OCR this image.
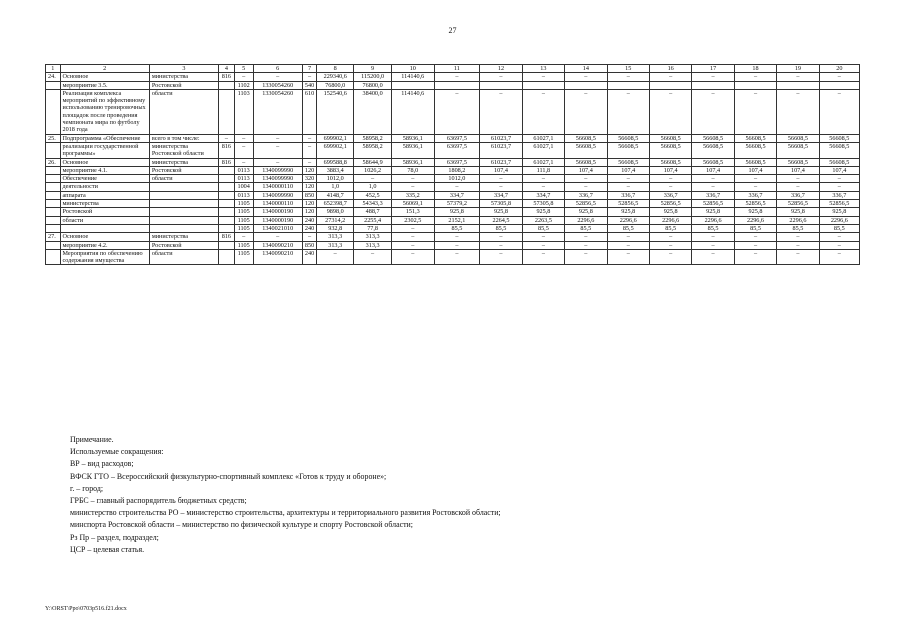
27
1	2	3	4	5	6	7	8	9	10	11	12	13	14	15	16	17	18	19	20
24.	Основное	министерства	816	–	–	–	229340,6	115200,0	114140,6	–	–	–	–	–	–	–	–	–	–
	мероприятие 3.5.	Ростовской		1102	1330054260	540	76800,0	76800,0											
	Реализация комплекса мероприятий по эффективному использованию тренировочных площадок после проведения чемпионата мира по футболу 2018 года	области		1103	1330054260	610	152540,6	38400,0	114140,6	–	–	–	–	–	–	–	–	–	–
25.	Подпрограмма «Обеспечение	всего в том числе:	–	–	–	–	699902,1	58958,2	58936,1	63697,5	61023,7	61027,1	56608,5	56608,5	56608,5	56608,5	56608,5	56608,5	56608,5
	реализации государственной программы»	министерства Ростовской области	816	–	–	–	699902,1	58958,2	58936,1	63697,5	61023,7	61027,1	56608,5	56608,5	56608,5	56608,5	56608,5	56608,5	56608,5
26.	Основное	министерства	816	–	–	–	699588,8	58644,9	58936,1	63697,5	61023,7	61027,1	56608,5	56608,5	56608,5	56608,5	56608,5	56608,5	56608,5
	мероприятие 4.1.	Ростовской		0113	1340099990	120	3883,4	1026,2	78,0	1808,2	107,4	111,8	107,4	107,4	107,4	107,4	107,4	107,4	107,4
	Обеспечение	области		0113	1340099990	320	1012,0	–	–	1012,0	–	–	–	–	–	–	–	–	–
	деятельности			1004	1340000110	120	1,0	1,0	–	–	–	–	–	–	–	–	–	–	–
	аппарата			0113	1340099990	850	4148,7	452,5	335,2	334,7	334,7	334,7	336,7	336,7	336,7	336,7	336,7	336,7	336,7
	министерства			1105	1340000110	120	652398,7	54343,3	56069,1	57379,2	57305,8	57305,8	52856,5	52856,5	52856,5	52856,5	52856,5	52856,5	52856,5
	Ростовской			1105	1340000190	120	9898,0	488,7	151,3	925,8	925,8	925,8	925,8	925,8	925,8	925,8	925,8	925,8	925,8
	области			1105	1340000190	240	27314,2	2255,4	2302,5	2152,1	2264,5	2263,5	2296,6	2296,6	2296,6	2296,6	2296,6	2296,6	2296,6
				1105	1340021010	240	932,8	77,8	–	85,5	85,5	85,5	85,5	85,5	85,5	85,5	85,5	85,5	85,5
27.	Основное	министерства	816	–	–	–	313,3	313,3	–	–	–	–	–	–	–	–	–	–	–
	мероприятие 4.2.	Ростовской		1105	1340090210	850	313,3	313,3	–	–	–	–	–	–	–	–	–	–	–
	Мероприятия по обеспечению содержания имущества	области		1105	1340090210	240	–	–	–	–	–	–	–	–	–	–	–	–	–
Примечание.
Используемые сокращения:
ВР – вид расходов;
ВФСК ГТО – Всероссийский физкультурно-спортивный комплекс «Готов к труду и обороне»;
г. – город;
ГРБС – главный распорядитель бюджетных средств;
министерство строительства РО – министерство строительства, архитектуры и территориального развития Ростовской области;
минспорта Ростовской области – министерство по физической культуре и спорту Ростовской области;
Рз Пр – раздел, подраздел;
ЦСР – целевая статья.
Y:\ORST\Ppo\0703p516.f21.docx
